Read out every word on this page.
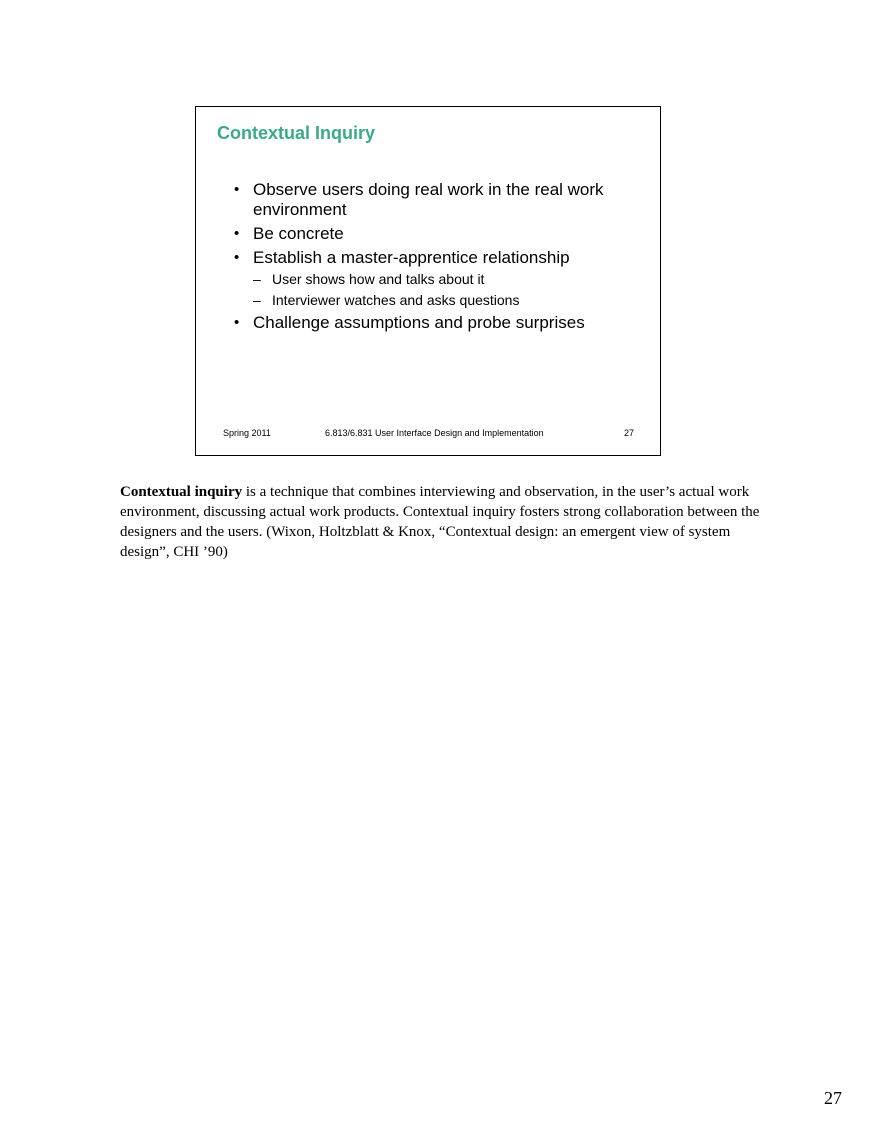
Contextual Inquiry
• Observe users doing real work in the real work environment
• Be concrete
• Establish a master-apprentice relationship
– User shows how and talks about it
– Interviewer watches and asks questions
• Challenge assumptions and probe surprises
Spring 2011	6.813/6.831 User Interface Design and Implementation	27

Contextual inquiry is a technique that combines interviewing and observation, in the user’s actual work environment, discussing actual work products. Contextual inquiry fosters strong collaboration between the designers and the users. (Wixon, Holtzblatt & Knox, “Contextual design: an emergent view of system design”, CHI ’90)

27
